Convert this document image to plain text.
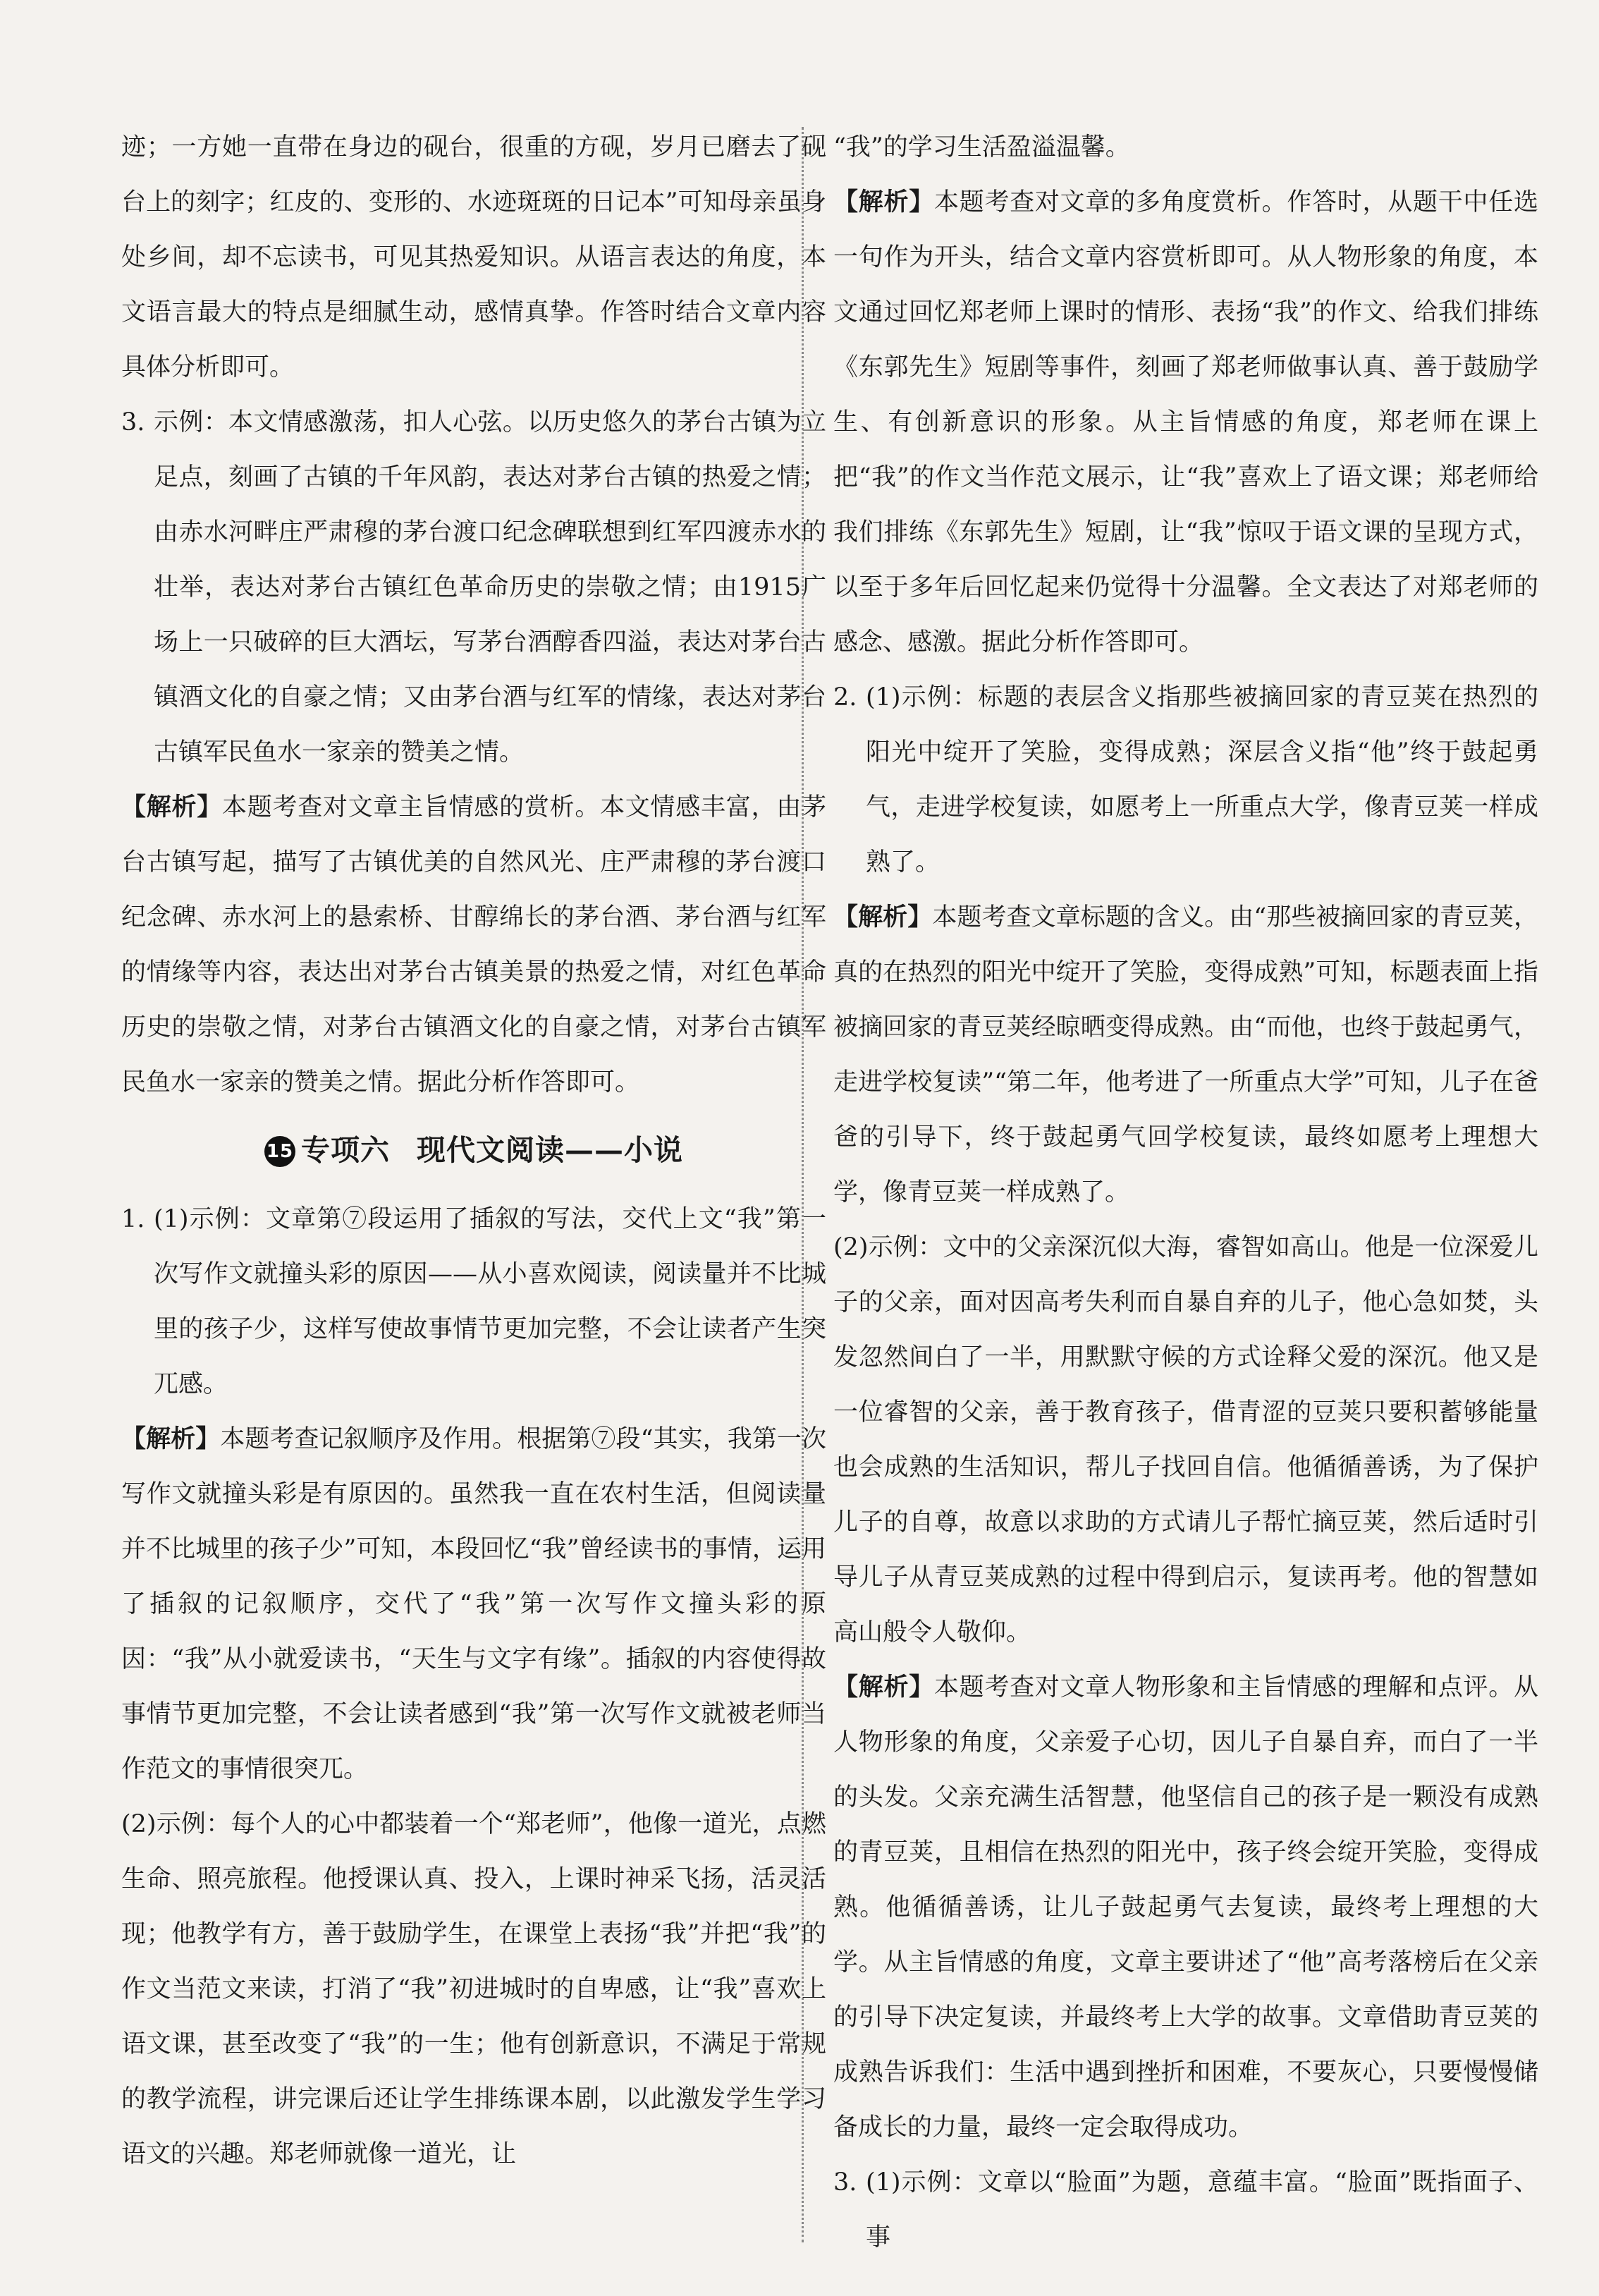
迹；一方她一直带在身边的砚台，很重的方砚，岁月已磨去了砚台上的刻字；红皮的、变形的、水迹斑斑的日记本”可知母亲虽身处乡间，却不忘读书，可见其热爱知识。从语言表达的角度，本文语言最大的特点是细腻生动，感情真挚。作答时结合文章内容具体分析即可。

3. 示例：本文情感激荡，扣人心弦。以历史悠久的茅台古镇为立足点，刻画了古镇的千年风韵，表达对茅台古镇的热爱之情；由赤水河畔庄严肃穆的茅台渡口纪念碑联想到红军四渡赤水的壮举，表达对茅台古镇红色革命历史的崇敬之情；由1915广场上一只破碎的巨大酒坛，写茅台酒醇香四溢，表达对茅台古镇酒文化的自豪之情；又由茅台酒与红军的情缘，表达对茅台古镇军民鱼水一家亲的赞美之情。

【解析】本题考查对文章主旨情感的赏析。本文情感丰富，由茅台古镇写起，描写了古镇优美的自然风光、庄严肃穆的茅台渡口纪念碑、赤水河上的悬索桥、甘醇绵长的茅台酒、茅台酒与红军的情缘等内容，表达出对茅台古镇美景的热爱之情，对红色革命历史的崇敬之情，对茅台古镇酒文化的自豪之情，对茅台古镇军民鱼水一家亲的赞美之情。据此分析作答即可。

15 专项六 现代文阅读——小说
1. (1)示例：文章第⑦段运用了插叙的写法，交代上文“我”第一次写作文就撞头彩的原因——从小喜欢阅读，阅读量并不比城里的孩子少，这样写使故事情节更加完整，不会让读者产生突兀感。

【解析】本题考查记叙顺序及作用。根据第⑦段“其实，我第一次写作文就撞头彩是有原因的。虽然我一直在农村生活，但阅读量并不比城里的孩子少”可知，本段回忆“我”曾经读书的事情，运用了插叙的记叙顺序，交代了“我”第一次写作文撞头彩的原因：“我”从小就爱读书，“天生与文字有缘”。插叙的内容使得故事情节更加完整，不会让读者感到“我”第一次写作文就被老师当作范文的事情很突兀。

(2)示例：每个人的心中都装着一个“郑老师”，他像一道光，点燃生命、照亮旅程。他授课认真、投入，上课时神采飞扬，活灵活现；他教学有方，善于鼓励学生，在课堂上表扬“我”并把“我”的作文当范文来读，打消了“我”初进城时的自卑感，让“我”喜欢上语文课，甚至改变了“我”的一生；他有创新意识，不满足于常规的教学流程，讲完课后还让学生排练课本剧，以此激发学生学习语文的兴趣。郑老师就像一道光，让

“我”的学习生活盈溢温馨。

【解析】本题考查对文章的多角度赏析。作答时，从题干中任选一句作为开头，结合文章内容赏析即可。从人物形象的角度，本文通过回忆郑老师上课时的情形、表扬“我”的作文、给我们排练《东郭先生》短剧等事件，刻画了郑老师做事认真、善于鼓励学生、有创新意识的形象。从主旨情感的角度，郑老师在课上把“我”的作文当作范文展示，让“我”喜欢上了语文课；郑老师给我们排练《东郭先生》短剧，让“我”惊叹于语文课的呈现方式，以至于多年后回忆起来仍觉得十分温馨。全文表达了对郑老师的感念、感激。据此分析作答即可。

2. (1)示例：标题的表层含义指那些被摘回家的青豆荚在热烈的阳光中绽开了笑脸，变得成熟；深层含义指“他”终于鼓起勇气，走进学校复读，如愿考上一所重点大学，像青豆荚一样成熟了。

【解析】本题考查文章标题的含义。由“那些被摘回家的青豆荚，真的在热烈的阳光中绽开了笑脸，变得成熟”可知，标题表面上指被摘回家的青豆荚经晾晒变得成熟。由“而他，也终于鼓起勇气，走进学校复读”“第二年，他考进了一所重点大学”可知，儿子在爸爸的引导下，终于鼓起勇气回学校复读，最终如愿考上理想大学，像青豆荚一样成熟了。

(2)示例：文中的父亲深沉似大海，睿智如高山。他是一位深爱儿子的父亲，面对因高考失利而自暴自弃的儿子，他心急如焚，头发忽然间白了一半，用默默守候的方式诠释父爱的深沉。他又是一位睿智的父亲，善于教育孩子，借青涩的豆荚只要积蓄够能量也会成熟的生活知识，帮儿子找回自信。他循循善诱，为了保护儿子的自尊，故意以求助的方式请儿子帮忙摘豆荚，然后适时引导儿子从青豆荚成熟的过程中得到启示，复读再考。他的智慧如高山般令人敬仰。

【解析】本题考查对文章人物形象和主旨情感的理解和点评。从人物形象的角度，父亲爱子心切，因儿子自暴自弃，而白了一半的头发。父亲充满生活智慧，他坚信自己的孩子是一颗没有成熟的青豆荚，且相信在热烈的阳光中，孩子终会绽开笑脸，变得成熟。他循循善诱，让儿子鼓起勇气去复读，最终考上理想的大学。从主旨情感的角度，文章主要讲述了“他”高考落榜后在父亲的引导下决定复读，并最终考上大学的故事。文章借助青豆荚的成熟告诉我们：生活中遇到挫折和困难，不要灰心，只要慢慢储备成长的力量，最终一定会取得成功。

3. (1)示例：文章以“脸面”为题，意蕴丰富。“脸面”既指面子、事
